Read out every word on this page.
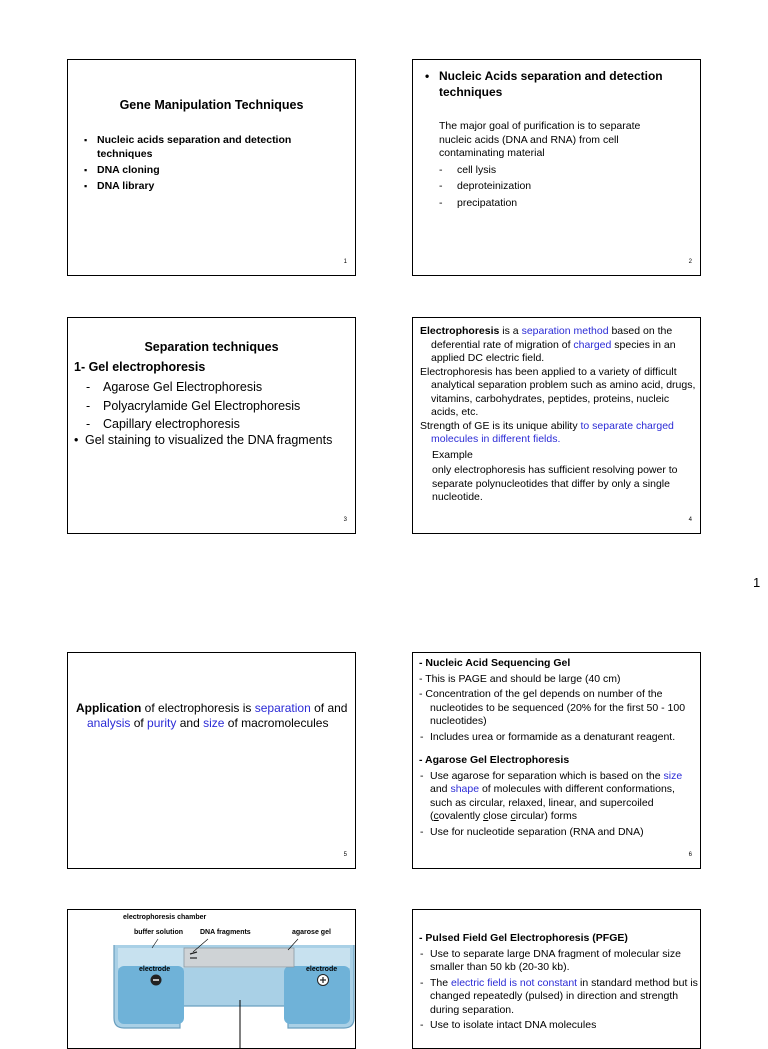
Gene Manipulation Techniques
▪ Nucleic acids separation and detection techniques
▪ DNA cloning
▪ DNA library
1
• Nucleic Acids separation and detection techniques

The major goal of purification is to separate nucleic acids (DNA and RNA) from cell contaminating material

- cell lysis
- deproteinization
- precipatation
2
Separation techniques
1- Gel electrophoresis
- Agarose Gel Electrophoresis
- Polyacrylamide Gel Electrophoresis
- Capillary electrophoresis
• Gel staining to visualized the DNA fragments
3

Electrophoresis is a separation method based on the deferential rate of migration of charged species in an applied DC electric field.

Electrophoresis has been applied to a variety of difficult analytical separation problem such as amino acid, drugs, vitamins, carbohydrates, peptides, proteins, nucleic acids, etc.

Strength of GE is its unique ability to separate charged molecules in different fields.

Example

only electrophoresis has sufficient resolving power to separate polynucleotides that differ by only a single nucleotide.

4
1

Application of electrophoresis is separation of and analysis of purity and size of macromolecules

5

- Nucleic Acid Sequencing Gel

- This is PAGE and should be large (40 cm)

- Concentration of the gel depends on number of the nucleotides to be sequenced (20% for the first 50 - 100 nucleotides)

- Includes urea or formamide as a denaturant reagent.

- Agarose Gel Electrophoresis

- Use agarose for separation which is based on the size and shape of molecules with different conformations, such as circular, relaxed, linear, and supercoiled (covalently close circular) forms
- Use for nucleotide separation (RNA and DNA)
6
electrophoresis chamber
buffer solution DNA fragments	agarose gel
electrode	electrode

- Pulsed Field Gel Electrophoresis (PFGE)

- Use to separate large DNA fragment of molecular size smaller than 50 kb (20-30 kb).
- The electric field is not constant in standard method but is changed repeatedly (pulsed) in direction and strength during separation.
- Use to isolate intact DNA molecules
